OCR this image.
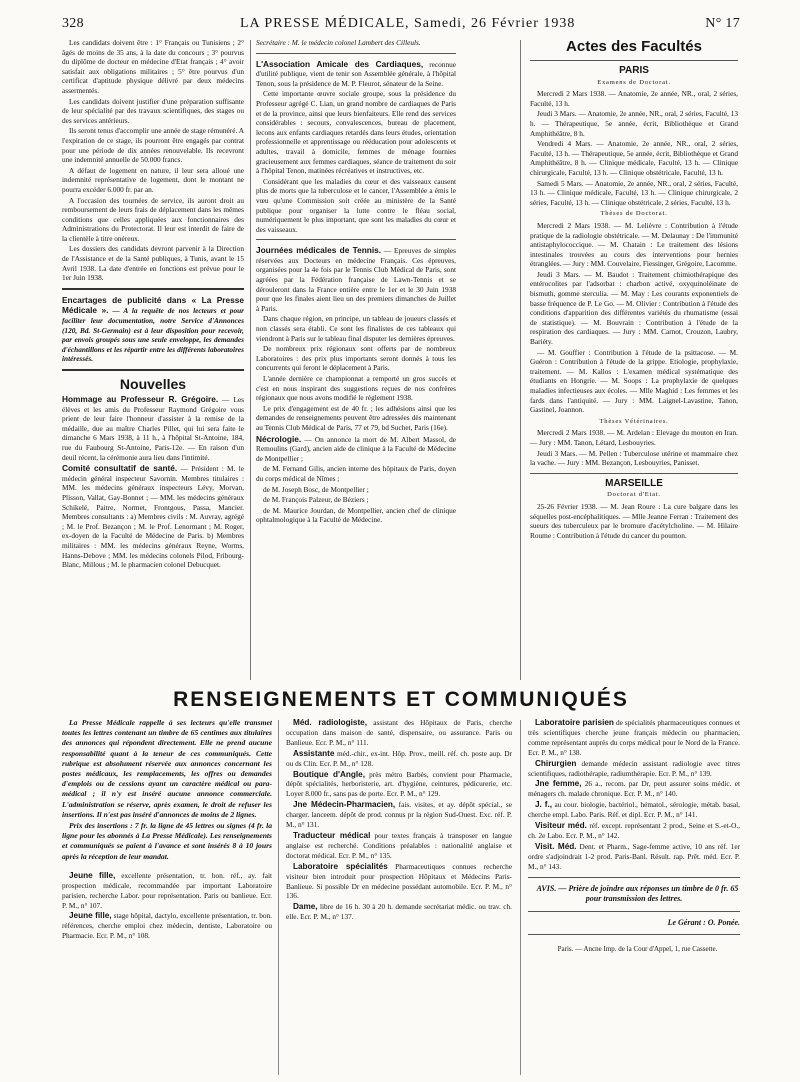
328	LA PRESSE MÉDICALE, Samedi, 26 Février 1938	N° 17

Les candidats doivent être : 1° Français ou Tunisiens ; 2° âgés de moins de 35 ans, à la date du concours ; 3° pourvus du diplôme de docteur en médecine d'Etat français ; 4° avoir satisfait aux obligations militaires ; 5° être pourvus d'un certificat d'aptitude physique délivré par deux médecins assermentés.

Les candidats doivent justifier d'une préparation suffisante de leur spécialité par des travaux scientifiques, des stages ou des services antérieurs.

Ils seront tenus d'accomplir une année de stage rémunéré. A l'expiration de ce stage, ils pourront être engagés par contrat pour une période de dix années renouvelable. Ils recevront une indemnité annuelle de 50.000 francs.

A défaut de logement en nature, il leur sera alloué une indemnité représentative de logement, dont le montant ne pourra excéder 6.000 fr. par an.

A l'occasion des tournées de service, ils auront droit au remboursement de leurs frais de déplacement dans les mêmes conditions que celles appliquées aux fonctionnaires des Administrations du Protectorat. Il leur est interdit de faire de la clientèle à titre onéreux.

Les dossiers des candidats devront parvenir à la Direction de l'Assistance et de la Santé publiques, à Tunis, avant le 15 Avril 1938. La date d'entrée en fonctions est prévue pour le 1er Juin 1938.

Encartages de publicité dans « La Presse Médicale ». — A la requête de nos lecteurs et pour faciliter leur documentation, notre Service d'Annonces (120, Bd. St-Germain) est à leur disposition pour recevoir, par envois groupés sous une seule enveloppe, les demandes d'échantillons et les répartir entre les différents laboratoires intéressés.

Nouvelles

Hommage au Professeur R. Grégoire. — Les élèves et les amis du Professeur Raymond Grégoire vous prient de leur faire l'honneur d'assister à la remise de la médaille, due au maître Charles Pillet, qui lui sera faite le dimanche 6 Mars 1938, à 11 h., à l'hôpital St-Antoine, 184, rue du Faubourg St-Antoine, Paris-12e. — En raison d'un deuil récent, la cérémonie aura lieu dans l'intimité.

Comité consultatif de santé. — Président : M. le médecin général inspecteur Savornin. Membres titulaires : MM. les médecins généraux inspecteurs Lévy, Morvan, Plisson, Vallat, Gay-Bonnet ; — MM. les médecins généraux Schikelé, Paitre, Normet, Frontgous, Passa, Mancier. Membres consultants : a) Membres civils : M. Auvray, agrégé ; M. le Prof. Bezançon ; M. le Prof. Lenormant ; M. Roger, ex-doyen de la Faculté de Médecine de Paris. b) Membres militaires : MM. les médecins généraux Reyne, Worms, Hanns-Debove ; MM. les médecins colonels Pilod, Fribourg-Blanc, Millous ; M. le pharmacien colonel Debucquet.

Secrétaire : M. le médecin colonel Lambert des Cilleuls.

L'Association Amicale des Cardiaques, reconnue d'utilité publique, vient de tenir son Assemblée générale, à l'hôpital Tenon, sous la présidence de M. P. Fleurot, sénateur de la Seine.

Cette importante œuvre sociale groupe, sous la présidence du Professeur agrégé C. Lian, un grand nombre de cardiaques de Paris et de la province, ainsi que leurs bienfaiteurs. Elle rend des services considérables : secours, convalescences, bureau de placement, lecons aux enfants cardiaques retardés dans leurs études, orientation professionnelle et apprentissage ou rééducation pour adolescents et adultes, travail à domicile, femmes de ménage fournies gracieusement aux femmes cardiaques, séance de traitement du soir à l'hôpital Tenon, matinées récréatives et instructives, etc.

Considérant que les maladies du cœur et des vaisseaux causent plus de morts que la tuberculose et le cancer, l'Assemblée a émis le vœu qu'une Commission soit créée au ministère de la Santé publique pour organiser la lutte contre le fléau social, numériquement le plus important, que sont les maladies du cœur et des vaisseaux.

Journées médicales de Tennis. — Epreuves de simples réservées aux Docteurs en médecine Français. Ces épreuves, organisées pour la 4e fois par le Tennis Club Médical de Paris, sont agréées par la Fédération française de Lawn-Tennis et se dérouleront dans la France entière entre le 1er et le 30 Juin 1938 pour que les finales aient lieu un des premiers dimanches de Juillet à Paris.

Dans chaque région, en principe, un tableau de joueurs classés et non classés sera établi. Ce sont les finalistes de ces tableaux qui viendront à Paris sur le tableau final disputer les dernières épreuves.

De nombreux prix régionaux sont offerts par de nombreux Laboratoires : des prix plus importants seront donnés à tous les concurrents qui feront le déplacement à Paris.

L'année dernière ce championnat a remporté un gros succès et c'est en nous inspirant des suggestions reçues de nos confrères régionaux que nous avons modifié le règlement 1938.

Le prix d'engagement est de 40 fr. ; les adhésions ainsi que les demandes de renseignements peuvent être adressées dès maintenant au Tennis Club Médical de Paris, 77 et 79, bd Suchet, Paris (16e).

Nécrologie. — On annonce la mort de M. Albert Massol, de Remoulins (Gard), ancien aide de clinique à la Faculté de Médecine de Montpellier ;

de M. Fernand Gilis, ancien interne des hôpitaux de Paris, doyen du corps médical de Nîmes ;

de M. Joseph Bosc, de Montpellier ;

de M. François Palzeur, de Béziers ;

de M. Maurice Jourdan, de Montpellier, ancien chef de clinique ophtalmologique à la Faculté de Médecine.

Actes des Facultés

PARIS
Examens de Doctorat.

Mercredi 2 Mars 1938. — Anatomie, 2e année, NR., oral, 2 séries, Faculté, 13 h.

Jeudi 3 Mars. — Anatomie, 2e année, NR., oral, 2 séries, Faculté, 13 h. — Thérapeutique, 5e année, écrit, Bibliothèque et Grand Amphithéâtre, 8 h.

Vendredi 4 Mars. — Anatomie, 2e année, NR., oral, 2 séries, Faculté, 13 h. — Thérapeutique, 5e année, écrit, Bibliothèque et Grand Amphithéâtre, 8 h. — Clinique médicale, Faculté, 13 h. — Clinique chirurgicale, Faculté, 13 h. — Clinique obstétricale, Faculté, 13 h.

Samedi 5 Mars. — Anatomie, 2e année, NR., oral, 2 séries, Faculté, 13 h. — Clinique médicale, Faculté, 13 h. — Clinique chirurgicale, 2 séries, Faculté, 13 h. — Clinique obstétricale, 2 séries, Faculté, 13 h.

Thèses de Doctorat.

Mercredi 2 Mars 1938. — M. Lelièvre : Contribution à l'étude pratique de la radiologie obstétricale. — M. Delaunay : De l'immunité antistaphylococcique. — M. Chatain : Le traitement des lésions intestinales trouvées au cours des interventions pour hernies étranglées. — Jury : MM. Couvelaire, Fiessinger, Grégoire, Lacomme.

Jeudi 3 Mars. — M. Baudot : Traitement chimiothérapique des entérocolites par l'adsorbat : charbon activé, oxyquinoléinate de bismuth, gomme sterculia. — M. May : Les courants exponentiels de basse fréquence de P. Le Go. — M. Olivier : Contribution à l'étude des conditions d'apparition des différentes variétés du rhumatisme (essai de statistique). — M. Bouvrain : Contribution à l'étude de la respiration des cardiaques. — Jury : MM. Carnot, Crouzon, Laubry, Bariéty.

— M. Gouffier : Contribution à l'étude de la psittacose. — M. Guéron : Contribution à l'étude de la grippe. Etiologie, prophylaxie, traitement. — M. Kallos : L'examen médical systématique des étudiants en Hongrie. — M. Soops : La prophylaxie de quelques maladies infectieuses aux écoles. — Mlle Maghid : Les femmes et les fards dans l'antiquité. — Jury : MM. Laignel-Lavastine, Tanon, Gastinel, Joannon.

Thèses Vétérinaires.

Mercredi 2 Mars 1938. — M. Ardelan : Elevage du mouton en Iran. — Jury : MM. Tanon, Létard, Lesbouyries.

Jeudi 3 Mars. — M. Pellen : Tuberculose utérine et mammaire chez la vache. — Jury : MM. Bezançon, Lesbouyries, Panisset.

MARSEILLE
Doctorat d'Etat.

25-26 Février 1938. — M. Jean Roure : La cure balgare dans les séquelles post-encéphalitiques. — Mlle Jeanne Ferran : Traitement des sueurs des tuberculeux par le bromure d'acétylcholine. — M. Hilaire Roume : Contribution à l'étude du cancer du poumon.

RENSEIGNEMENTS ET COMMUNIQUÉS

La Presse Médicale rappelle à ses lecteurs qu'elle transmet toutes les lettres contenant un timbre de 65 centimes aux titulaires des annonces qui répondent directement. Elle ne prend aucune responsabilité quant à la teneur de ces communiqués. Cette rubrique est absolument réservée aux annonces concernant les postes médicaux, les remplacements, les offres ou demandes d'emplois ou de cessions ayant un caractère médical ou para-médical ; il n'y est inséré aucune annonce commerciale. L'administration se réserve, après examen, le droit de refuser les insertions. Il n'est pas inséré d'annonces de moins de 2 lignes.

Prix des insertions : 7 fr. la ligne de 45 lettres ou signes (4 fr. la ligne pour les abonnés à La Presse Médicale). Les renseignements et communiqués se paient à l'avance et sont insérés 8 à 10 jours après la réception de leur mandat.

Jeune fille, excellente présentation, tr. bon. réf., ay. fait prospection médicale, recommandée par important Laboratoire parisien, recherche Labor. pour représentation. Paris ou banlieue. Ecr. P. M., n° 107.

Jeune fille, stage hôpital, dactylo, excellente présentation, tr. bon. références, cherche emploi chez médecin, dentiste, Laboratoire ou Pharmacie. Ecr. P. M., n° 108.

Méd. radiologiste, assistant des Hôpitaux de Paris, cherche occupation dans maison de santé, dispensaire, ou assurance. Paris ou Banlieue. Ecr. P. M., n° 111.

Assistante méd.-chir., ex-int. Hôp. Prov., meill. réf. ch. poste aup. Dr ou ds Clin. Ecr. P. M., n° 128.

Boutique d'Angle, près métro Barbès, convient pour Pharmacie, dépôt spécialités, herboristerie, art. d'hygiène, ceintures, pédicurerie, etc. Loyer 8.000 fr., sans pas de porte. Ecr. P. M., n° 129.

Jne Médecin-Pharmacien, fais. visites, et ay. dépôt spécial., se charger. lanceem. dépôt de prod. connus pr la région Sud-Ouest. Exc. réf. P. M., n° 131.

Traducteur médical pour textes français à transposer en langue anglaise est recherché. Conditions préalables : nationalité anglaise et doctorat médical. Ecr. P. M., n° 135.

Laboratoire spécialités Pharmaceutiques connues recherche visiteur bien introduit pour prospection Hôpitaux et Médecins Paris-Banlieue. Si possible Dr en médecine possédant automobile. Ecr. P. M., n° 136.

Dame, libre de 16 h. 30 à 20 h. demande secrétariat médic. ou trav. ch. elle. Ecr. P. M., n° 137.

Laboratoire parisien de spécialités pharmaceutiques connues et très scientifiques cherche jeune français médecin ou pharmacien, comme représentant auprès du corps médical pour le Nord de la France. Ecr. P. M., n° 138.

Chirurgien demande médecin assistant radiologie avec titres scientifiques, radiothérapie, radiumthérapie. Ecr. P. M., n° 139.

Jne femme, 26 a., recom. par Dr, peut assurer soins médic. et ménagers ch. malade chronique. Ecr. P. M., n° 140.

J. f., au cour. biologie, bactériol., hématol., sérologie, métab. basal, cherche empl. Labo. Paris. Réf. et dipl. Ecr. P. M., n° 141.

Visiteur méd. réf. except. représentant 2 prod., Seine et S.-et-O., ch. 2e Labo. Ecr. P. M., n° 142.

Visit. Méd. Dent. et Pharm., Sage-femme active, 10 ans réf. 1er ordre s'adjoindrait 1-2 prod. Paris-Banl. Résult. rap. Prêt. méd. Ecr. P. M., n° 143.

AVIS. — Prière de joindre aux réponses un timbre de 0 fr. 65 pour transmission des lettres.

Le Gérant : O. Ponée.

Paris. — Ancne Imp. de la Cour d'Appel, 1, rue Cassette.
